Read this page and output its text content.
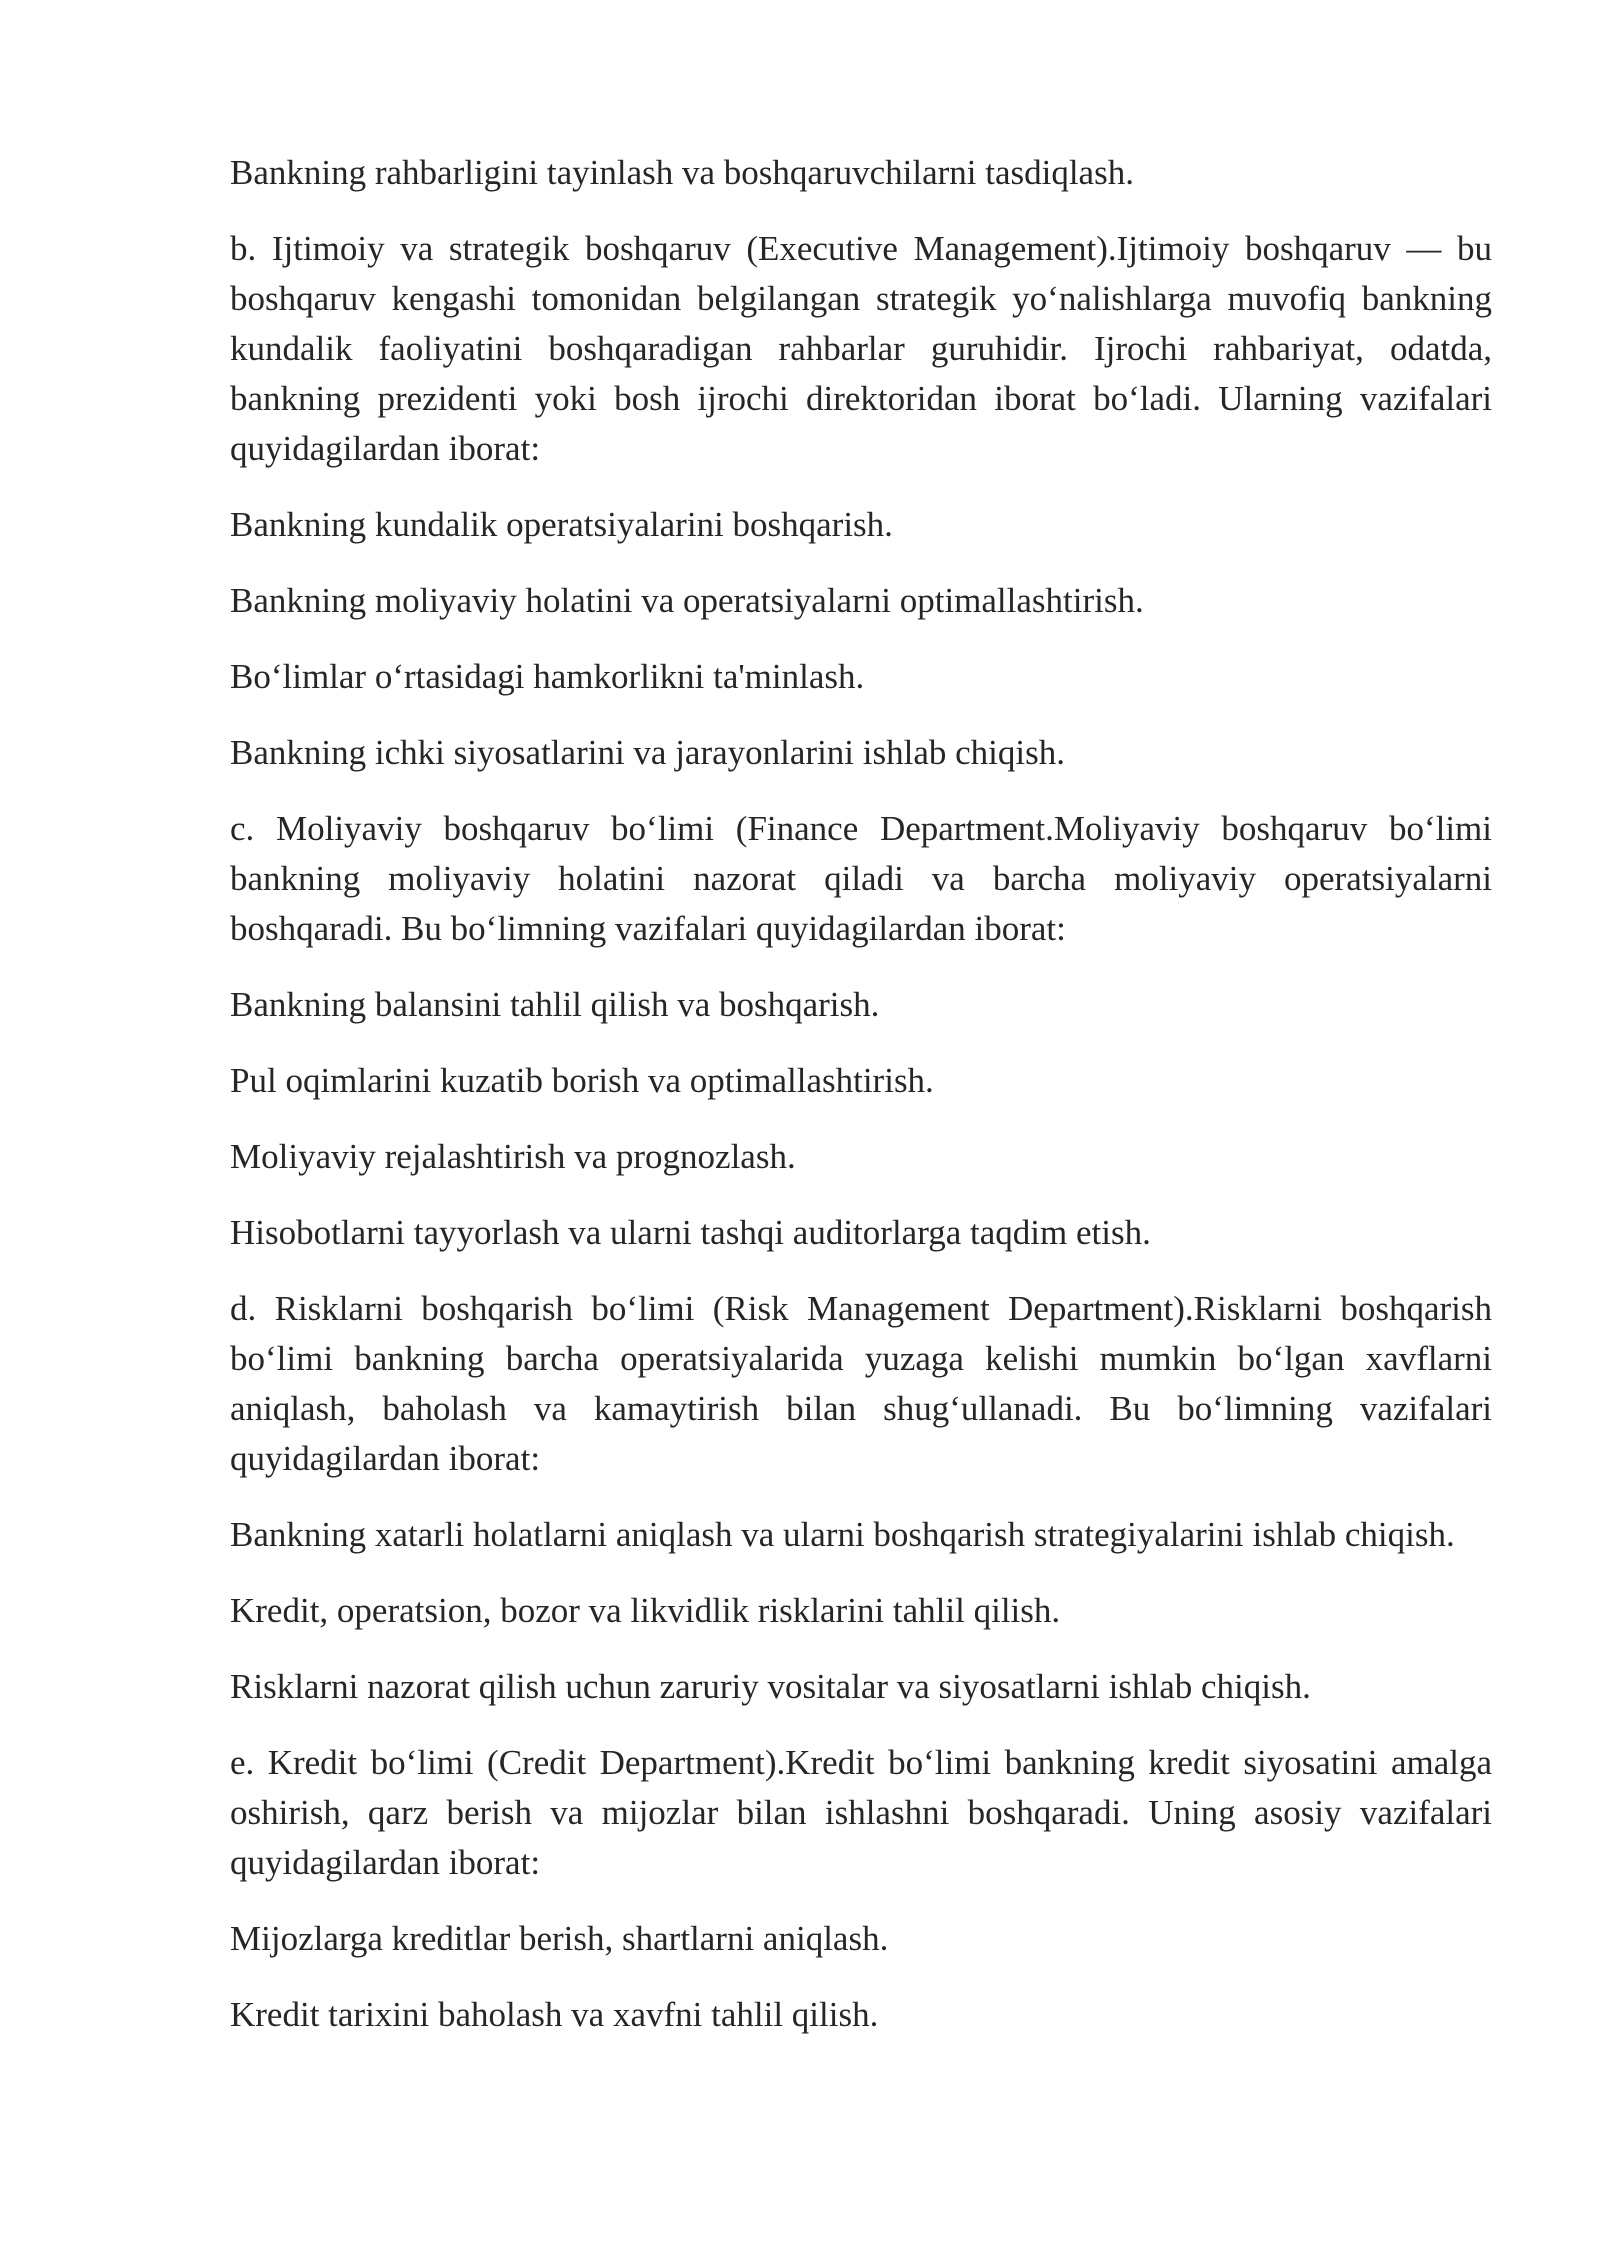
Bankning rahbarligini tayinlash va boshqaruvchilarni tasdiqlash.

b. Ijtimoiy va strategik boshqaruv (Executive Management).Ijtimoiy boshqaruv — bu boshqaruv kengashi tomonidan belgilangan strategik yo‘nalishlarga muvofiq bankning kundalik faoliyatini boshqaradigan rahbarlar guruhidir. Ijrochi rahbariyat, odatda, bankning prezidenti yoki bosh ijrochi direktoridan iborat bo‘ladi. Ularning vazifalari quyidagilardan iborat:

Bankning kundalik operatsiyalarini boshqarish.

Bankning moliyaviy holatini va operatsiyalarni optimallashtirish.

Bo‘limlar o‘rtasidagi hamkorlikni ta'minlash.

Bankning ichki siyosatlarini va jarayonlarini ishlab chiqish.

c. Moliyaviy boshqaruv bo‘limi (Finance Department.Moliyaviy boshqaruv bo‘limi bankning moliyaviy holatini nazorat qiladi va barcha moliyaviy operatsiyalarni boshqaradi. Bu bo‘limning vazifalari quyidagilardan iborat:

Bankning balansini tahlil qilish va boshqarish.

Pul oqimlarini kuzatib borish va optimallashtirish.

Moliyaviy rejalashtirish va prognozlash.

Hisobotlarni tayyorlash va ularni tashqi auditorlarga taqdim etish.

d. Risklarni boshqarish bo‘limi (Risk Management Department).Risklarni boshqarish bo‘limi bankning barcha operatsiyalarida yuzaga kelishi mumkin bo‘lgan xavflarni aniqlash, baholash va kamaytirish bilan shug‘ullanadi. Bu bo‘limning vazifalari quyidagilardan iborat:

Bankning xatarli holatlarni aniqlash va ularni boshqarish strategiyalarini ishlab chiqish.

Kredit, operatsion, bozor va likvidlik risklarini tahlil qilish.

Risklarni nazorat qilish uchun zaruriy vositalar va siyosatlarni ishlab chiqish.

e. Kredit bo‘limi (Credit Department).Kredit bo‘limi bankning kredit siyosatini amalga oshirish, qarz berish va mijozlar bilan ishlashni boshqaradi. Uning asosiy vazifalari quyidagilardan iborat:

Mijozlarga kreditlar berish, shartlarni aniqlash.

Kredit tarixini baholash va xavfni tahlil qilish.
